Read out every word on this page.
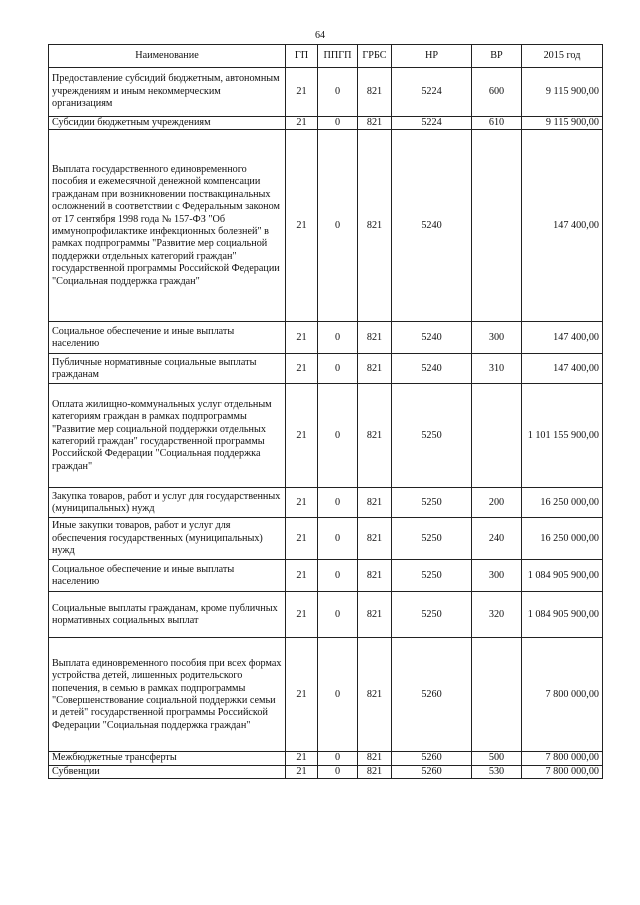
64
Наименование	ГП	ППГП	ГРБС	НР	ВР	2015 год
Предоставление субсидий бюджетным, автономным учреждениям и иным некоммерческим организациям	21	0	821	5224	600	9 115 900,00
Субсидии бюджетным учреждениям	21	0	821	5224	610	9 115 900,00
Выплата государственного единовременного пособия и ежемесячной денежной компенсации гражданам при возникновении поствакцинальных осложнений в соответствии с Федеральным законом от 17 сентября 1998 года № 157-ФЗ "Об иммунопрофилактике инфекционных болезней" в рамках подпрограммы "Развитие мер социальной поддержки отдельных категорий граждан" государственной программы Российской Федерации "Социальная поддержка граждан"	21	0	821	5240		147 400,00
Социальное обеспечение и иные выплаты населению	21	0	821	5240	300	147 400,00
Публичные нормативные социальные выплаты гражданам	21	0	821	5240	310	147 400,00
Оплата жилищно-коммунальных услуг отдельным категориям граждан в рамках подпрограммы "Развитие мер социальной поддержки отдельных категорий граждан" государственной программы Российской Федерации "Социальная поддержка граждан"	21	0	821	5250		1 101 155 900,00
Закупка товаров, работ и услуг для государственных (муниципальных) нужд	21	0	821	5250	200	16 250 000,00
Иные закупки товаров, работ и услуг для обеспечения государственных (муниципальных) нужд	21	0	821	5250	240	16 250 000,00
Социальное обеспечение и иные выплаты населению	21	0	821	5250	300	1 084 905 900,00
Социальные выплаты гражданам, кроме публичных нормативных социальных выплат	21	0	821	5250	320	1 084 905 900,00
Выплата единовременного пособия при всех формах устройства детей, лишенных родительского попечения, в семью в рамках подпрограммы "Совершенствование социальной поддержки семьи и детей" государственной программы Российской Федерации "Социальная поддержка граждан"	21	0	821	5260		7 800 000,00
Межбюджетные трансферты	21	0	821	5260	500	7 800 000,00
Субвенции	21	0	821	5260	530	7 800 000,00
